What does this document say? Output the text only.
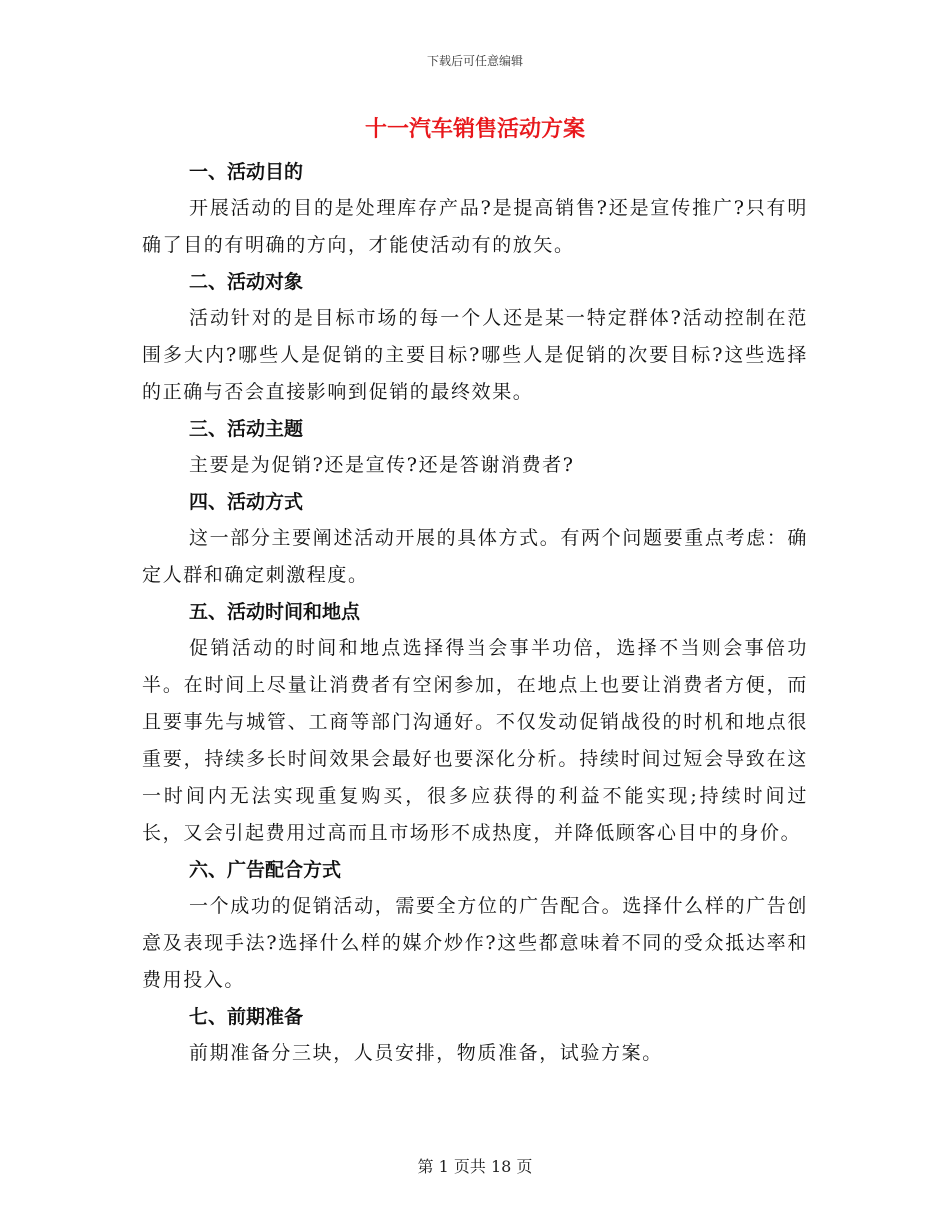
下载后可任意编辑
十一汽车销售活动方案
一、活动目的

开展活动的目的是处理库存产品?是提高销售?还是宣传推广?只有明确了目的有明确的方向，才能使活动有的放矢。

二、活动对象

活动针对的是目标市场的每一个人还是某一特定群体?活动控制在范围多大内?哪些人是促销的主要目标?哪些人是促销的次要目标?这些选择的正确与否会直接影响到促销的最终效果。

三、活动主题

主要是为促销?还是宣传?还是答谢消费者?

四、活动方式

这一部分主要阐述活动开展的具体方式。有两个问题要重点考虑：确定人群和确定刺激程度。

五、活动时间和地点

促销活动的时间和地点选择得当会事半功倍，选择不当则会事倍功半。在时间上尽量让消费者有空闲参加，在地点上也要让消费者方便，而且要事先与城管、工商等部门沟通好。不仅发动促销战役的时机和地点很重要，持续多长时间效果会最好也要深化分析。持续时间过短会导致在这一时间内无法实现重复购买，很多应获得的利益不能实现;持续时间过长，又会引起费用过高而且市场形不成热度，并降低顾客心目中的身价。

六、广告配合方式

一个成功的促销活动，需要全方位的广告配合。选择什么样的广告创意及表现手法?选择什么样的媒介炒作?这些都意味着不同的受众抵达率和费用投入。

七、前期准备

前期准备分三块，人员安排，物质准备，试验方案。

第 1 页共 18 页
